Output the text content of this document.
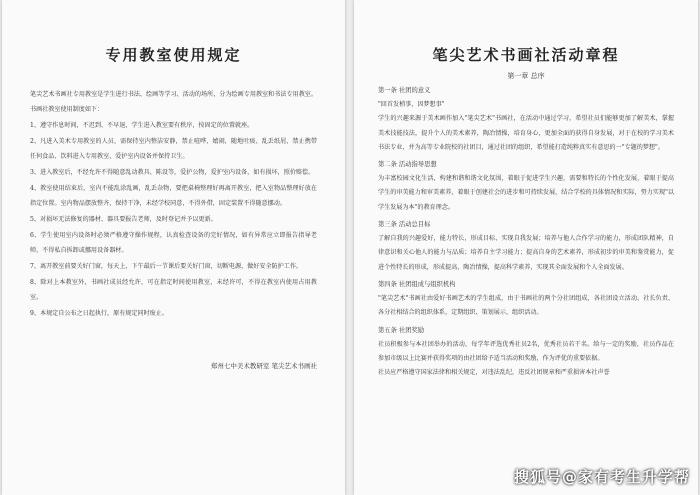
专用教室使用规定
笔尖艺术书画社专用教室是学生进行书法、绘画等学习、活动的场所，分为绘画专用教室和书法专用教室。书画社教室使用制度如下：
1、遵守作息时间，不迟到、不早退，学生进入教室要有秩序，按固定的位置就座。
2、凡进入美术专用教室的人员，需保持室内整洁安静，禁止喧哗、嬉闹，随地吐痰、乱丢纸屑，禁止携带任何食品、饮料进入专用教室，爱护室内设备并保持卫生。
3、进入教室后，不经允许不得随意乱动教具、陈设等，爱护公物，爱护室内设备，如有损坏，照价赔偿。
4、教室使用结束后，室内不能乱涂乱画，乱丢杂物，要把桌椅整理好再离开教室，把入室物品整理好放在指定位置。室内物品摆放整齐，保持干净，未经学校同意，不得外借，固定装置不得随意挪动。
5、对损坏无法修复的器材、器具要报告老师，及时登记并予以更新。
6、学生使用室内设备时必须严格遵守操作规程，认真检查设备的完好情况，如有异常应立即报告指导老师，不得私自拆卸或挪用设备器材。
7、离开教室前要关好门窗，每天上、下午最后一节课后要关好门窗，切断电源，做好安全防护工作。
8、除对上本教室外，书画社成员经允许，可在指定时间使用教室，未经许可，不得在教室内使用占用教室。
9、本规定自公布之日起执行，原有规定同时废止。
郑州七中美术教研室 笔尖艺术书画社
笔尖艺术书画社活动章程
第一章 总序
第一条 社团的意义
"回首发梢事，因梦想事"
学生的兴趣来源于美术画作加入"笔尖艺术"书画社，在活动中通过学习，希望社员们能够更加了解美术，掌握美术技能技法，提升个人的美术素养，陶冶情操，培育身心，更加全面的获得自身发展，对于在校的学习美术书法专业，并为高等专业院校的社团目，通过社团的组织，希望能打造纯粹真实有意思的一"专题的梦想"。
第二条 活动指导思想
为丰富校园文化生活，构建和谐和谐文化氛围，着眼于促进学生兴趣，需要和特长的个性化发展，着眼于提高学生的审美能力和审美素养，着眼于创建社会的进步和可持续发展，结合学校的具体情况和实际，努力实现"以学生发展为本"的教育理念。
第三条 活动总目标
了解自我的兴趣爱好，能力特长，形成目标，实现自我发展；培养与他人合作学习的能力，形成团队精神，自律意识和关心他人的能力与品质；培养自主学习能力；提高自身的艺术素养，形成初步的审美和鉴赏能力，促进个性特长的形成，形成提高，陶冶情操，提高科学素养，实现其全面发展和个人全面发展。
第四条 社团组成与组织机构
"笔尖艺术"书画社由爱好书画艺术的学生组成，由于书画社的两个分社团组成，各社团设立活动、社长负责、各分社相结合的组织体系，定期组织、策划展示，组织活动。
第五条 社团奖励
社员积极参与本社团举办的活动，每学年评选优秀社员2名，优秀社员若干名。给与一定的奖励，社员作品在参加市级以上比赛并获得奖项的由社团给予适当活动和奖励，作为评优的重要依据。
社员应严格遵守国家法律和相关规定，对违法乱纪，违反社团规章和严重损害本社声誉
搜狐号@家有考生升学帮
